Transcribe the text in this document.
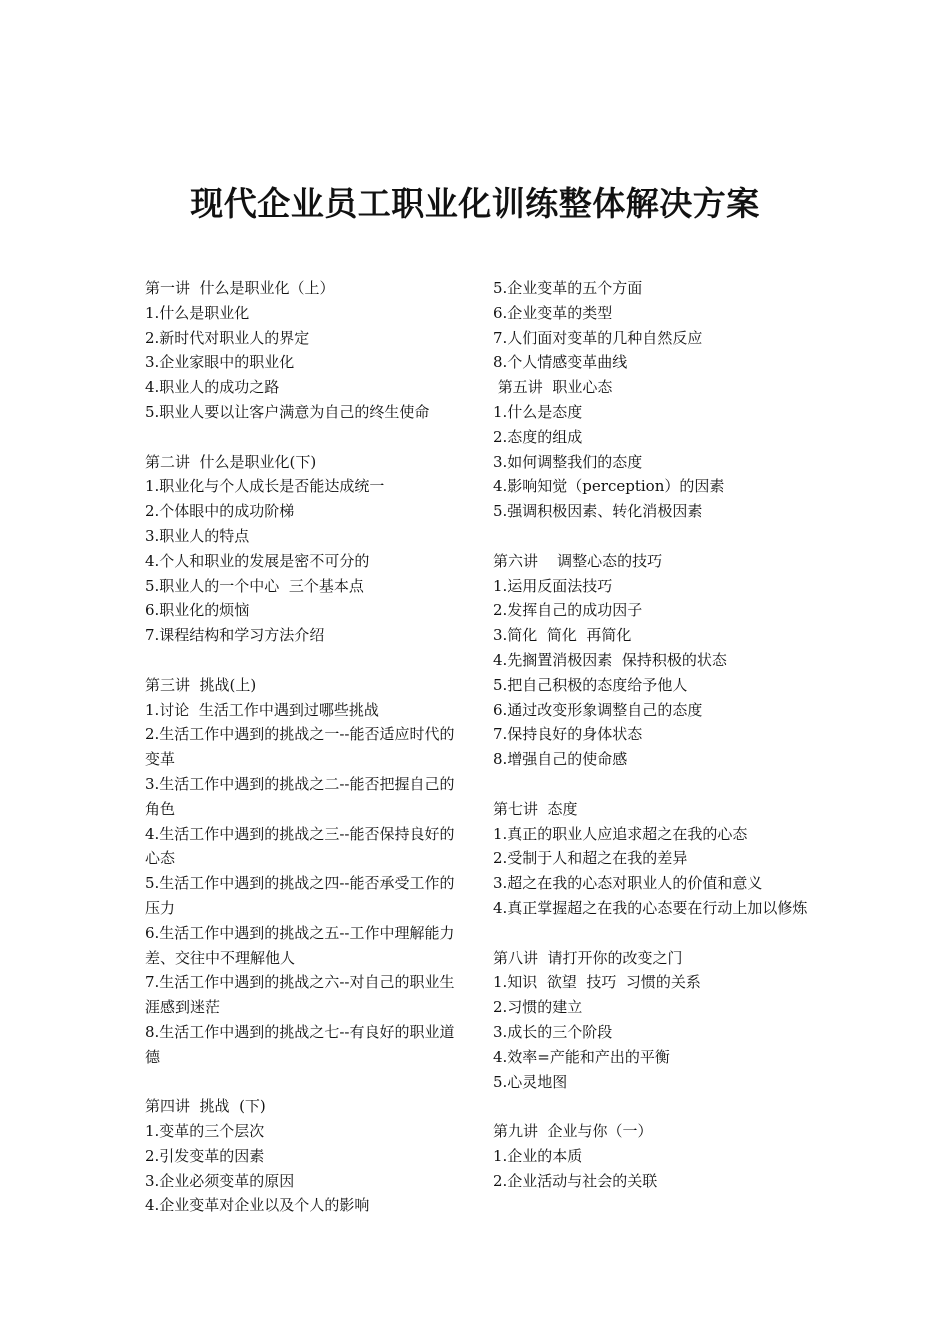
现代企业员工职业化训练整体解决方案
第一讲  什么是职业化（上）
1.什么是职业化
2.新时代对职业人的界定
3.企业家眼中的职业化
4.职业人的成功之路
5.职业人要以让客户满意为自己的终生使命
第二讲  什么是职业化(下)
1.职业化与个人成长是否能达成统一
2.个体眼中的成功阶梯
3.职业人的特点
4.个人和职业的发展是密不可分的
5.职业人的一个中心  三个基本点
6.职业化的烦恼
7.课程结构和学习方法介绍
第三讲  挑战(上)
1.讨论  生活工作中遇到过哪些挑战
2.生活工作中遇到的挑战之一--能否适应时代的变革
3.生活工作中遇到的挑战之二--能否把握自己的角色
4.生活工作中遇到的挑战之三--能否保持良好的心态
5.生活工作中遇到的挑战之四--能否承受工作的压力
6.生活工作中遇到的挑战之五--工作中理解能力差、交往中不理解他人
7.生活工作中遇到的挑战之六--对自己的职业生涯感到迷茫
8.生活工作中遇到的挑战之七--有良好的职业道德
第四讲  挑战  (下)
1.变革的三个层次
2.引发变革的因素
3.企业必须变革的原因
4.企业变革对企业以及个人的影响
5.企业变革的五个方面
6.企业变革的类型
7.人们面对变革的几种自然反应
8.个人情感变革曲线
第五讲  职业心态
1.什么是态度
2.态度的组成
3.如何调整我们的态度
4.影响知觉（perception）的因素
5.强调积极因素、转化消极因素
第六讲    调整心态的技巧
1.运用反面法技巧
2.发挥自己的成功因子
3.简化  简化  再简化
4.先搁置消极因素  保持积极的状态
5.把自己积极的态度给予他人
6.通过改变形象调整自己的态度
7.保持良好的身体状态
8.增强自己的使命感
第七讲  态度
1.真正的职业人应追求超之在我的心态
2.受制于人和超之在我的差异
3.超之在我的心态对职业人的价值和意义
4.真正掌握超之在我的心态要在行动上加以修炼
第八讲  请打开你的改变之门
1.知识  欲望  技巧  习惯的关系
2.习惯的建立
3.成长的三个阶段
4.效率=产能和产出的平衡
5.心灵地图
第九讲  企业与你（一）
1.企业的本质
2.企业活动与社会的关联
